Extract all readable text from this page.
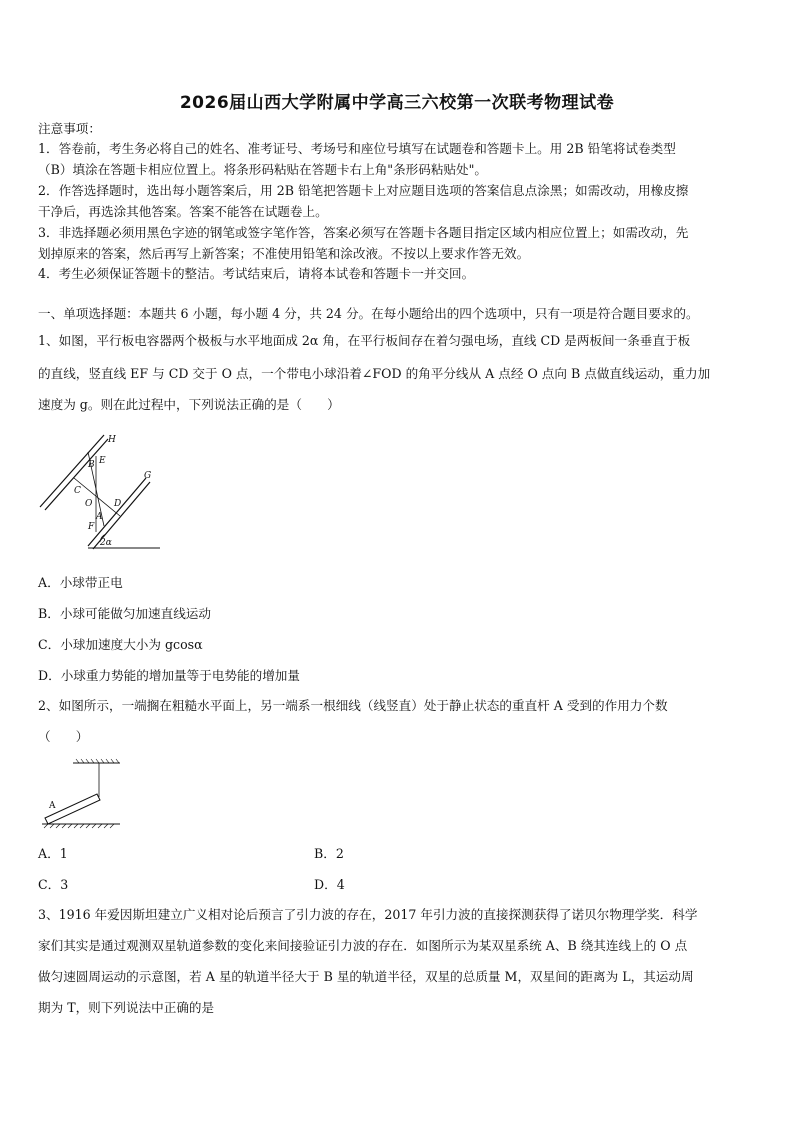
2026届山西大学附属中学高三六校第一次联考物理试卷
注意事项：
1．答卷前，考生务必将自己的姓名、准考证号、考场号和座位号填写在试题卷和答题卡上。用 2B 铅笔将试卷类型
（B）填涂在答题卡相应位置上。将条形码粘贴在答题卡右上角"条形码粘贴处"。
2．作答选择题时，选出每小题答案后，用 2B 铅笔把答题卡上对应题目选项的答案信息点涂黑；如需改动，用橡皮擦
干净后，再选涂其他答案。答案不能答在试题卷上。
3．非选择题必须用黑色字迹的钢笔或签字笔作答，答案必须写在答题卡各题目指定区域内相应位置上；如需改动，先
划掉原来的答案，然后再写上新答案；不准使用铅笔和涂改液。不按以上要求作答无效。
4．考生必须保证答题卡的整洁。考试结束后，请将本试卷和答题卡一并交回。
一、单项选择题：本题共 6 小题，每小题 4 分，共 24 分。在每小题给出的四个选项中，只有一项是符合题目要求的。
1、如图，平行板电容器两个极板与水平地面成 2α 角，在平行板间存在着匀强电场，直线 CD 是两板间一条垂直于板
的直线，竖直线 EF 与 CD 交于 O 点，一个带电小球沿着∠FOD 的角平分线从 A 点经 O 点向 B 点做直线运动，重力加
速度为 g。则在此过程中，下列说法正确的是（　　）
H
E
B
C
O D
A
F
G
2α
A．小球带正电
B．小球可能做匀加速直线运动
C．小球加速度大小为 gcosα
D．小球重力势能的增加量等于电势能的增加量
2、如图所示，一端搁在粗糙水平面上，另一端系一根细线（线竖直）处于静止状态的重直杆 A 受到的作用力个数
（　　）
A
A．1	B．2
C．3	D．4
3、1916 年爱因斯坦建立广义相对论后预言了引力波的存在，2017 年引力波的直接探测获得了诺贝尔物理学奖．科学
家们其实是通过观测双星轨道参数的变化来间接验证引力波的存在．如图所示为某双星系统 A、B 绕其连线上的 O 点
做匀速圆周运动的示意图，若 A 星的轨道半径大于 B 星的轨道半径，双星的总质量 M，双星间的距离为 L，其运动周
期为 T，则下列说法中正确的是
